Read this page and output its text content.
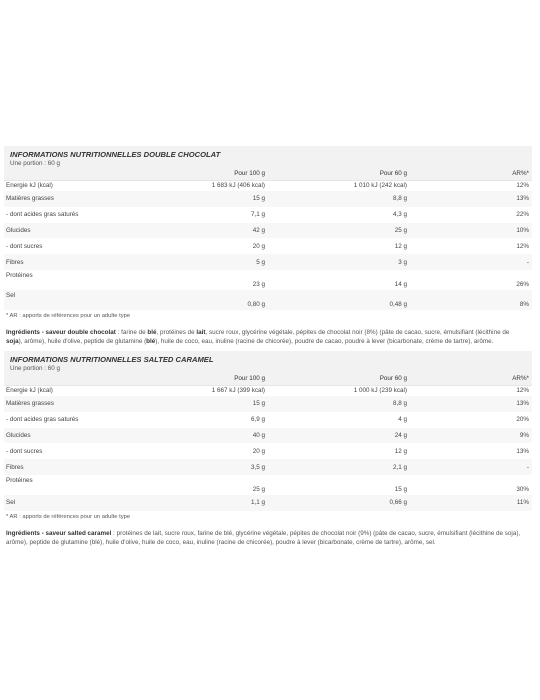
INFORMATIONS NUTRITIONNELLES DOUBLE CHOCOLAT
Une portion : 60 g
	Pour 100 g	Pour 60 g	AR%*
Energie kJ (kcal)	1 683 kJ (406 kcal)	1 010 kJ (242 kcal)	12%
Matières grasses	15 g	8,8 g	13%
- dont acides gras saturés	7,1 g	4,3 g	22%
Glucides	42 g	25 g	10%
- dont sucres	20 g	12 g	12%
Fibres	5 g	3 g	-
Protéines	23 g	14 g	26%
Sel	0,80 g	0,48 g	8%
* AR : apports de références pour un adulte type
Ingrédients - saveur double chocolat : farine de blé, protéines de lait, sucre roux, glycérine végétale, pépites de chocolat noir (8%) (pâte de cacao, sucre, émulsifiant (lécithine de soja), arôme), huile d'olive, peptide de glutamine (blé), huile de coco, eau, inuline (racine de chicorée), poudre de cacao, poudre à lever (bicarbonate, crème de tartre), arôme.
INFORMATIONS NUTRITIONNELLES SALTED CARAMEL
Une portion : 60 g
	Pour 100 g	Pour 60 g	AR%*
Energie kJ (kcal)	1 667 kJ (399 kcal)	1 000 kJ (239 kcal)	12%
Matières grasses	15 g	8,8 g	13%
- dont acides gras saturés	6,9 g	4 g	20%
Glucides	40 g	24 g	9%
- dont sucres	20 g	12 g	13%
Fibres	3,5 g	2,1 g	-
Protéines	25 g	15 g	30%
Sel	1,1 g	0,66 g	11%
* AR : apports de références pour un adulte type
Ingrédients - saveur salted caramel : protéines de lait, sucre roux, farine de blé, glycérine végétale, pépites de chocolat noir (9%) (pâte de cacao, sucre, émulsifiant (lécithine de soja), arôme), peptide de glutamine (blé), huile d'olive, huile de coco, eau, inuline (racine de chicorée), poudre à lever (bicarbonate, crème de tartre), arôme, sel.
